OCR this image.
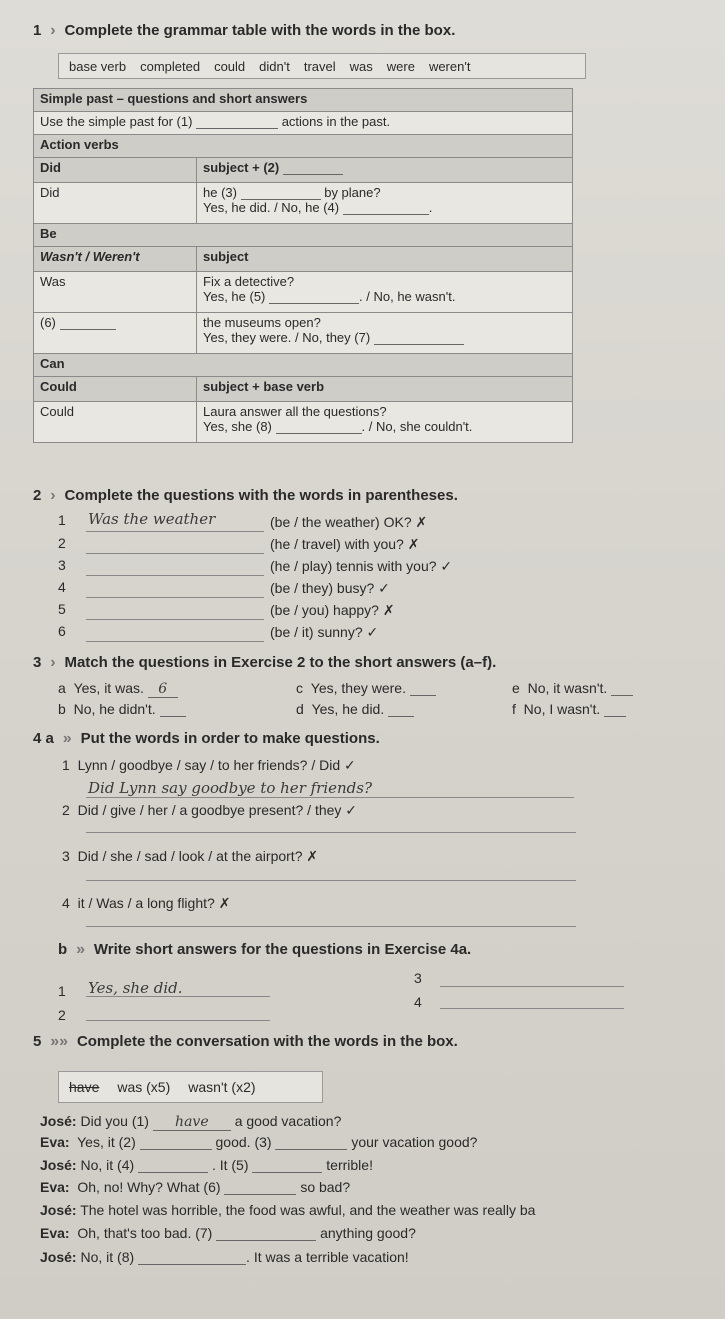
1  ›  Complete the grammar table with the words in the box.
base verb completed could didn't travel was were weren't
Simple past – questions and short answers	
Use the simple past for (1) actions in the past.	
Action verbs	
Did	subject + (2)
Did	he (3) by plane?
Yes, he did. / No, he (4) .

Be	
Wasn't / Weren't	subject
Was	Fix a detective?
Yes, he (5) . / No, he wasn't.

(6)	the museums open?
Yes, they were. / No, they (7)

Can	
Could	subject + base verb
Could	Laura answer all the questions?
Yes, she (8) . / No, she couldn't.
2  ›  Complete the questions with the words in parentheses.
1 Was the weather	(be / the weather) OK? ✗
2	(he / travel) with you? ✗
3	(he / play) tennis with you? ✓
4	(be / they) busy? ✓
5	(be / you) happy? ✗
6	(be / it) sunny? ✓
3  ›  Match the questions in Exercise 2 to the short answers (a–f).
a Yes, it was. 6
b No, he didn't.
c Yes, they were.
d Yes, he did.
e No, it wasn't.
f No, I wasn't.
4 a  »  Put the words in order to make questions.
1 Lynn / goodbye / say / to her friends? / Did ✓
Did Lynn say goodbye to her friends?
2 Did / give / her / a goodbye present? / they ✓
3 Did / she / sad / look / at the airport? ✗
4 it / Was / a long flight? ✗
b  »  Write short answers for the questions in Exercise 4a.
1 Yes, she did.
2
3
4
5  »»  Complete the conversation with the words in the box.
have was (x5) wasn't (x2)
José: Did you (1) have a good vacation?
Eva: Yes, it (2)	good. (3)	your vacation good?
José: No, it (4)	. It (5)	terrible!
Eva: Oh, no! Why? What (6)	so bad?
José: The hotel was horrible, the food was awful, and the weather was really ba
Eva: Oh, that's too bad. (7)	anything good?
José: No, it (8)	. It was a terrible vacation!
